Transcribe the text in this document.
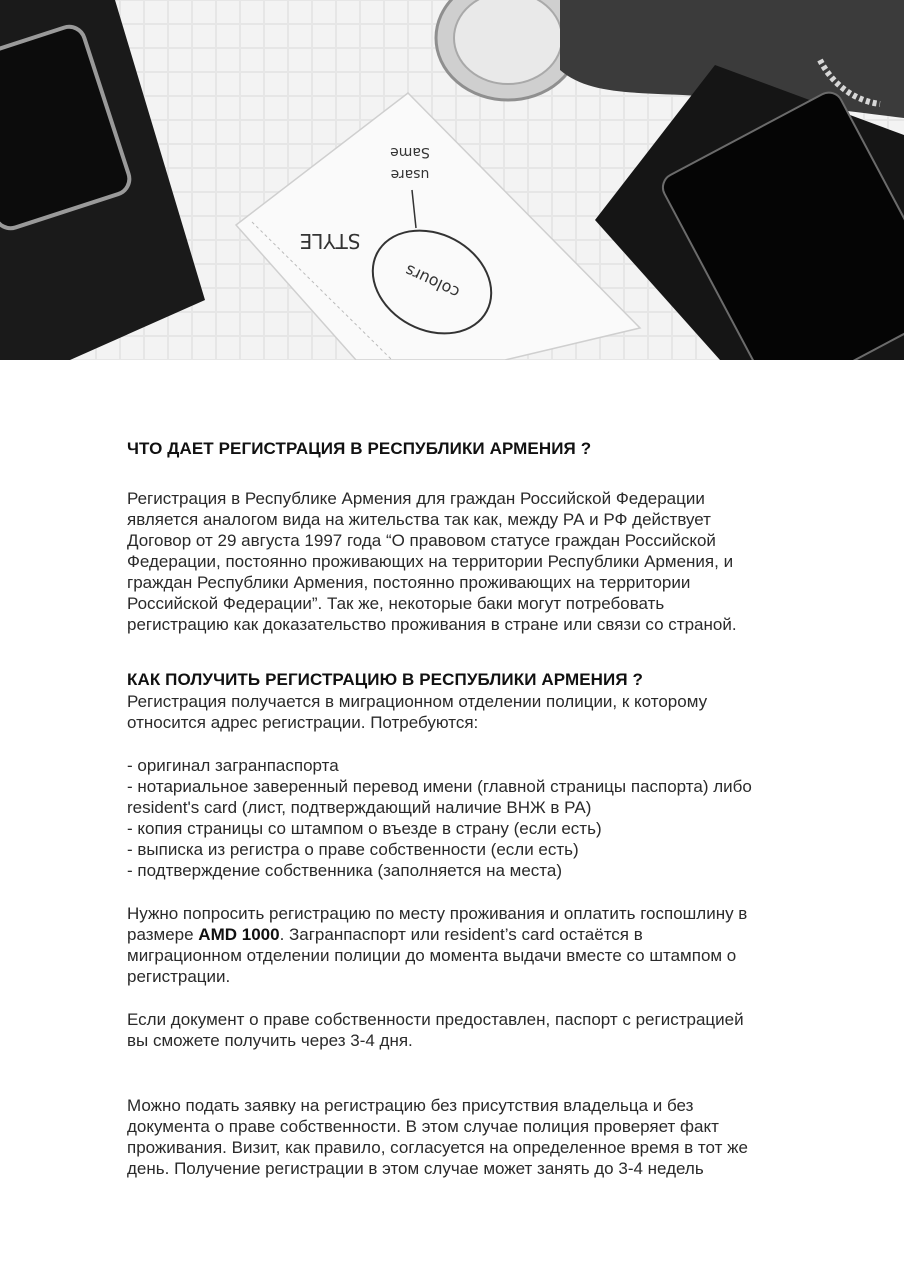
STYLE
usare
Same
colours
ЧТО ДАЕТ РЕГИСТРАЦИЯ В РЕСПУБЛИКИ АРМЕНИЯ ?

Регистрация в Республике Армения для граждан Российской Федерации

является аналогом вида на жительства так как, между РА и РФ действует

Договор от 29 августа 1997 года “О правовом статусе граждан Российской

Федерации, постоянно проживающих на территории Республики Армения, и

граждан Республики Армения, постоянно проживающих на территории

Российской Федерации”. Так же, некоторые баки могут потребовать

регистрацию как доказательство проживания в стране или связи со страной.

КАК ПОЛУЧИТЬ РЕГИСТРАЦИЮ В РЕСПУБЛИКИ АРМЕНИЯ ?

Регистрация получается в миграционном отделении полиции, к которому

относится адрес регистрации. Потребуются:

- оригинал загранпаспорта
- нотариальное заверенный перевод имени (главной страницы паспорта) либо
resident's card (лист, подтверждающий наличие ВНЖ в РА)
- копия страницы со штампом о въезде в страну (если есть)
- выписка из регистра о праве собственности (если есть)
- подтверждение собственника (заполняется на места)

Нужно попросить регистрацию по месту проживания и оплатить госпошлину в

размере AMD 1000. Загранпаспорт или resident’s card остаётся в

миграционном отделении полиции до момента выдачи вместе со штампом о

регистрации.

Если документ о праве собственности предоставлен, паспорт с регистрацией

вы сможете получить через 3-4 дня.

Можно подать заявку на регистрацию без присутствия владельца и без

документа о праве собственности. В этом случае полиция проверяет факт

проживания. Визит, как правило, согласуется на определенное время в тот же

день. Получение регистрации в этом случае может занять до 3-4 недель
